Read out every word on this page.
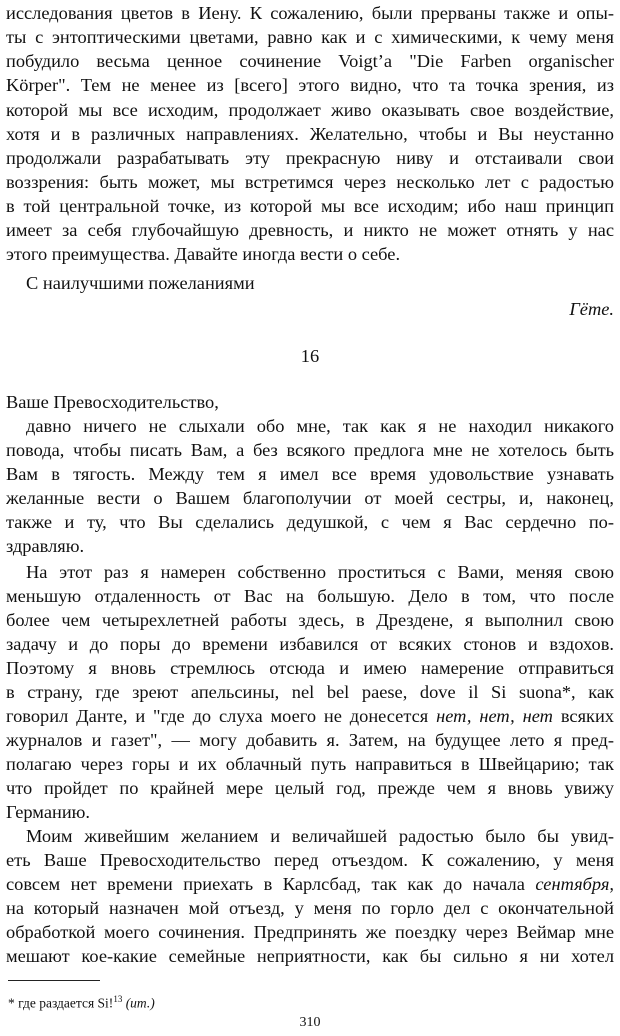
исследования цветов в Иену. К сожалению, были прерваны также и опы-
ты с энтоптическими цветами, равно как и с химическими, к чему меня
побудило весьма ценное сочинение Voigt’a "Die Farben organischer
Körper". Тем не менее из [всего] этого видно, что та точка зрения, из
которой мы все исходим, продолжает живо оказывать свое воздействие,
хотя и в различных направлениях. Желательно, чтобы и Вы неустанно
продолжали разрабатывать эту прекрасную ниву и отстаивали свои
воззрения: быть может, мы встретимся через несколько лет с радостью
в той центральной точке, из которой мы все исходим; ибо наш принцип
имеет за себя глубочайшую древность, и никто не может отнять у нас
этого преимущества. Давайте иногда вести о себе.
С наилучшими пожеланиями
Гёте.
16
Ваше Превосходительство,
давно ничего не слыхали обо мне, так как я не находил никакого
повода, чтобы писать Вам, а без всякого предлога мне не хотелось быть
Вам в тягость. Между тем я имел все время удовольствие узнавать
желанные вести о Вашем благополучии от моей сестры, и, наконец,
также и ту, что Вы сделались дедушкой, с чем я Вас сердечно по-
здравляю.
На этот раз я намерен собственно проститься с Вами, меняя свою
меньшую отдаленность от Вас на большую. Дело в том, что после
более чем четырехлетней работы здесь, в Дрездене, я выполнил свою
задачу и до поры до времени избавился от всяких стонов и вздохов.
Поэтому я вновь стремлюсь отсюда и имею намерение отправиться
в страну, где зреют апельсины, nel bel paese, dove il Si suona*, как
говорил Данте, и "где до слуха моего не донесется нет, нет, нет всяких
журналов и газет", — могу добавить я. Затем, на будущее лето я пред-
полагаю через горы и их облачный путь направиться в Швейцарию; так
что пройдет по крайней мере целый год, прежде чем я вновь увижу
Германию.
Моим живейшим желанием и величайшей радостью было бы увид-
еть Ваше Превосходительство перед отъездом. К сожалению, у меня
совсем нет времени приехать в Карлсбад, так как до начала сентября,
на который назначен мой отъезд, у меня по горло дел с окончательной
обработкой моего сочинения. Предпринять же поездку через Веймар мне
мешают кое-какие семейные неприятности, как бы сильно я ни хотел
* где раздается Si!$^{13}$ (ит.)
310
